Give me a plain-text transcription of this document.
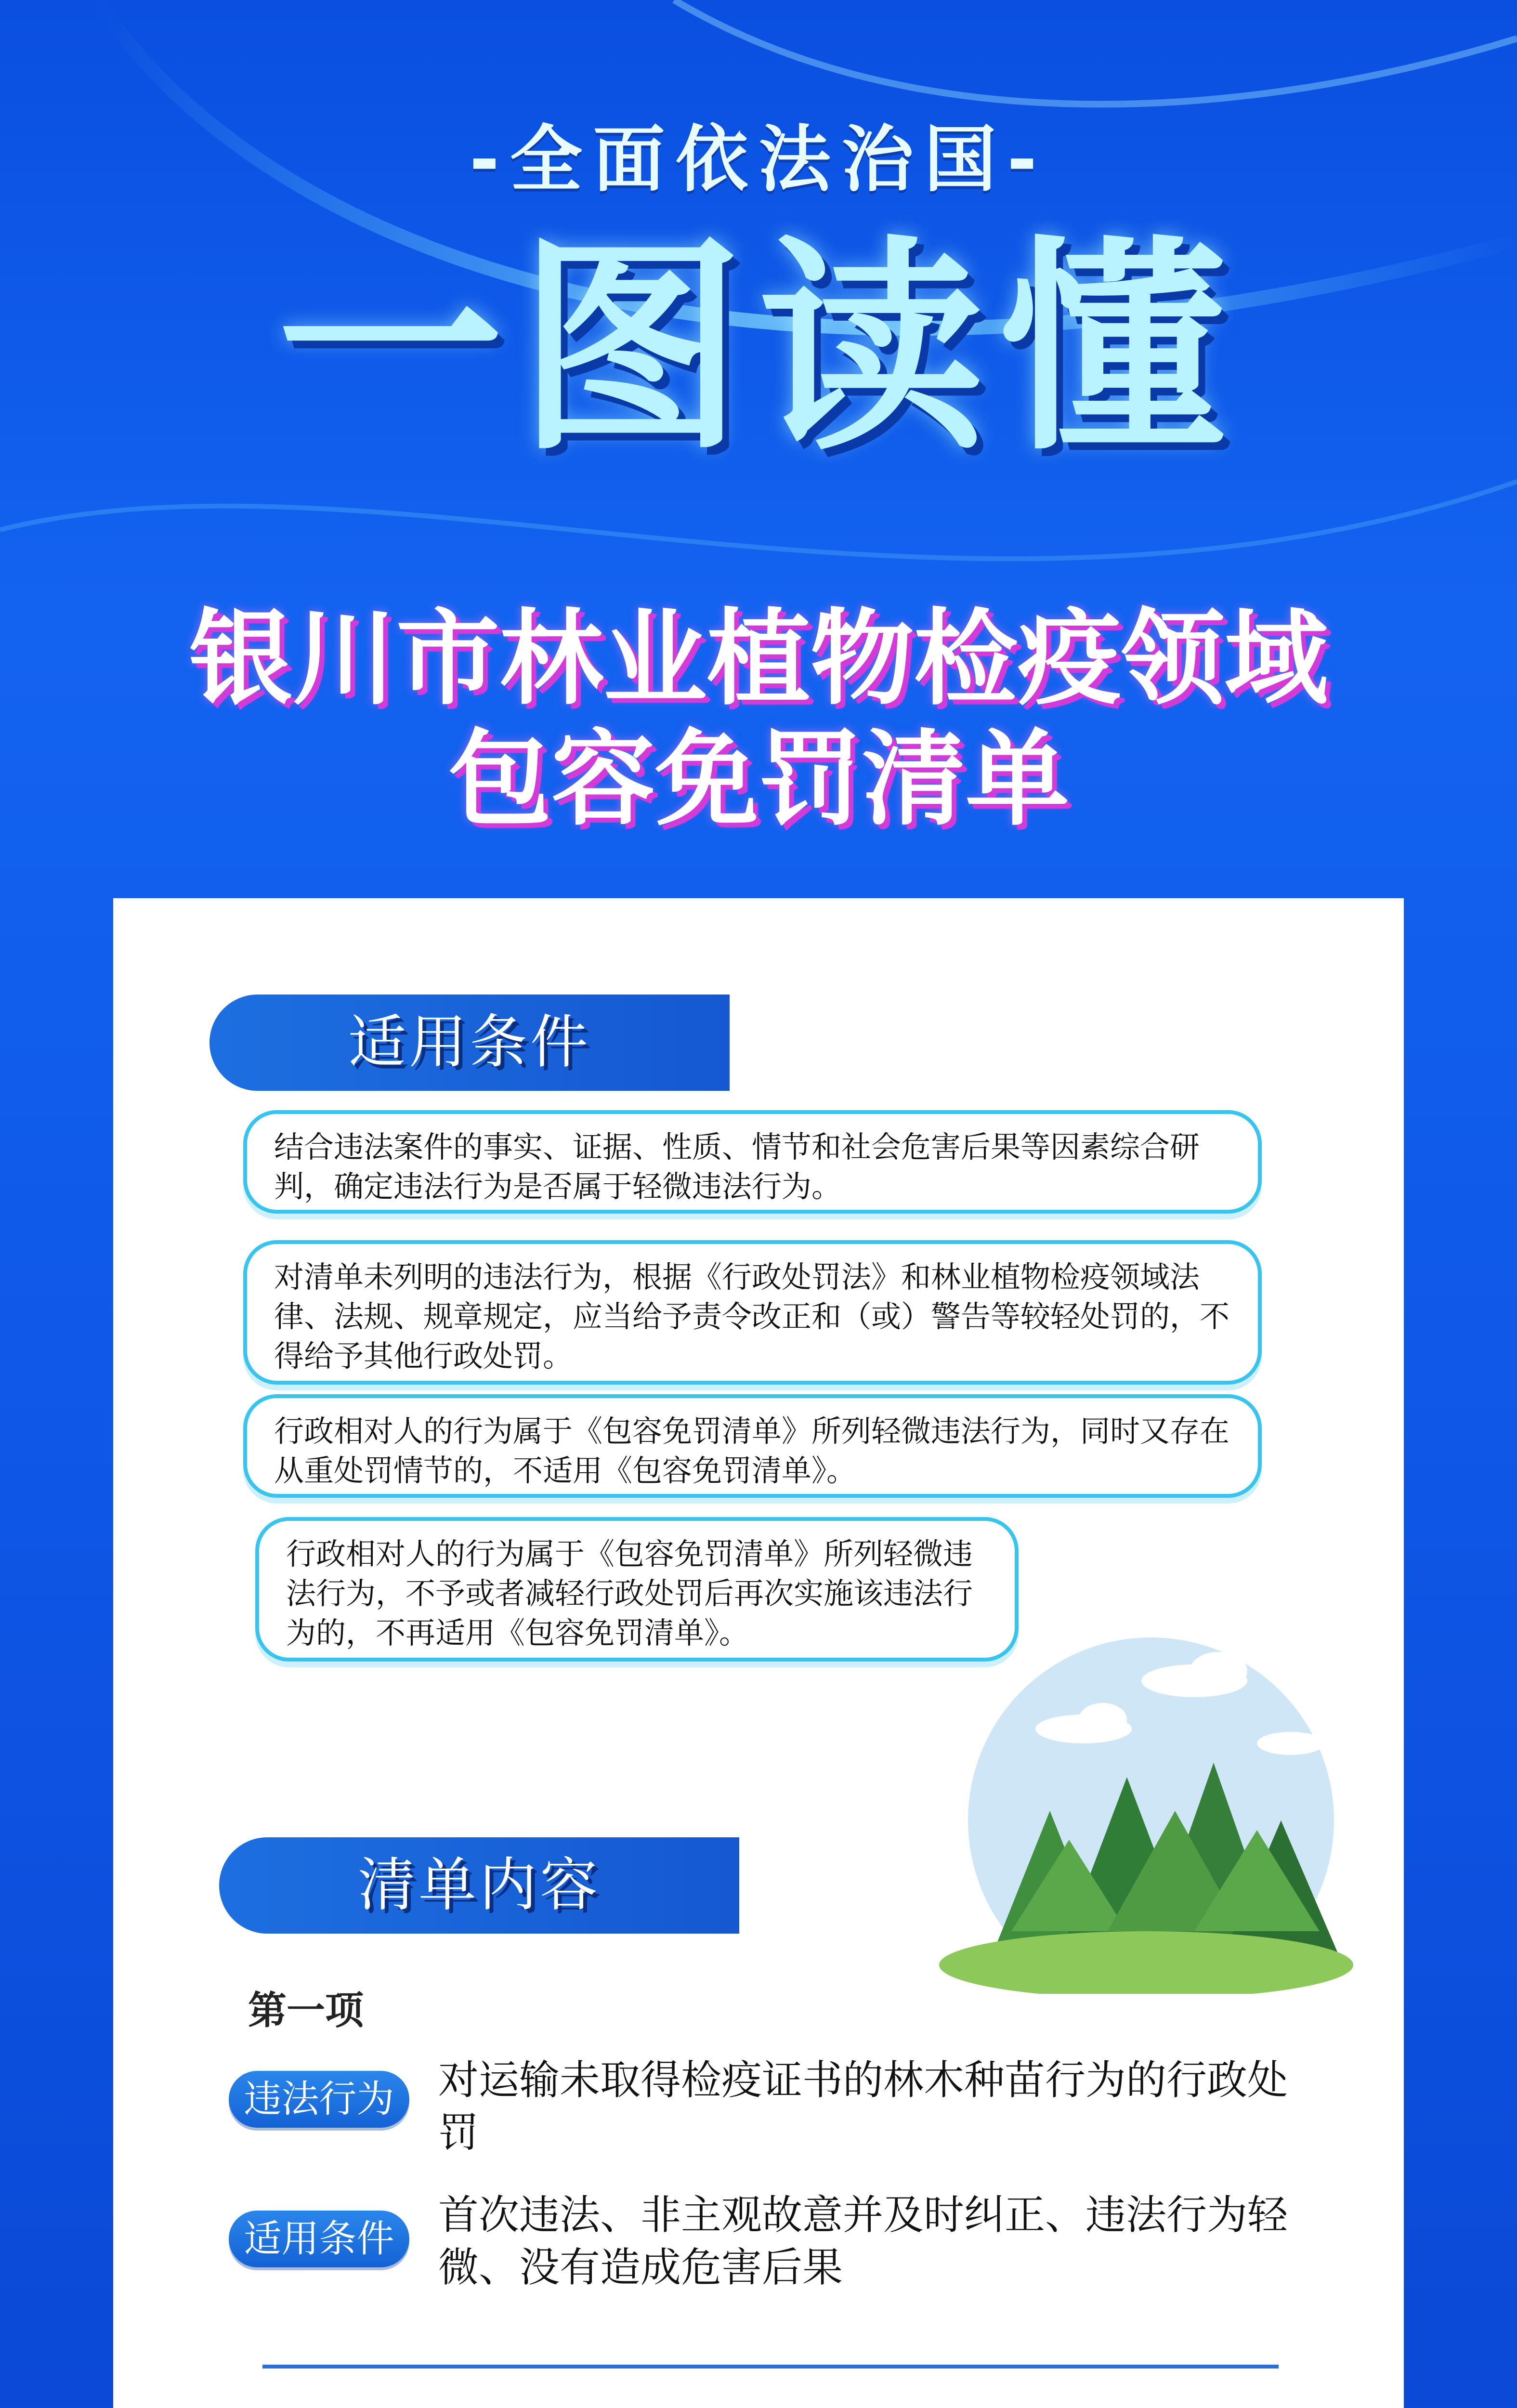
-全面依法治国-
一图读懂
银川市林业植物检疫领域
包容免罚清单
适用条件
结合违法案件的事实、证据、性质、情节和社会危害后果等因素综合研判，确定违法行为是否属于轻微违法行为。
对清单未列明的违法行为，根据《行政处罚法》和林业植物检疫领域法律、法规、规章规定，应当给予责令改正和（或）警告等较轻处罚的，不得给予其他行政处罚。
行政相对人的行为属于《包容免罚清单》所列轻微违法行为，同时又存在从重处罚情节的，不适用《包容免罚清单》。
行政相对人的行为属于《包容免罚清单》所列轻微违法行为，不予或者减轻行政处罚后再次实施该违法行为的，不再适用《包容免罚清单》。
清单内容
第一项
违法行为	对运输未取得检疫证书的林木种苗行为的行政处罚
适用条件
首次违法、非主观故意并及时纠正、违法行为轻微、没有造成危害后果
